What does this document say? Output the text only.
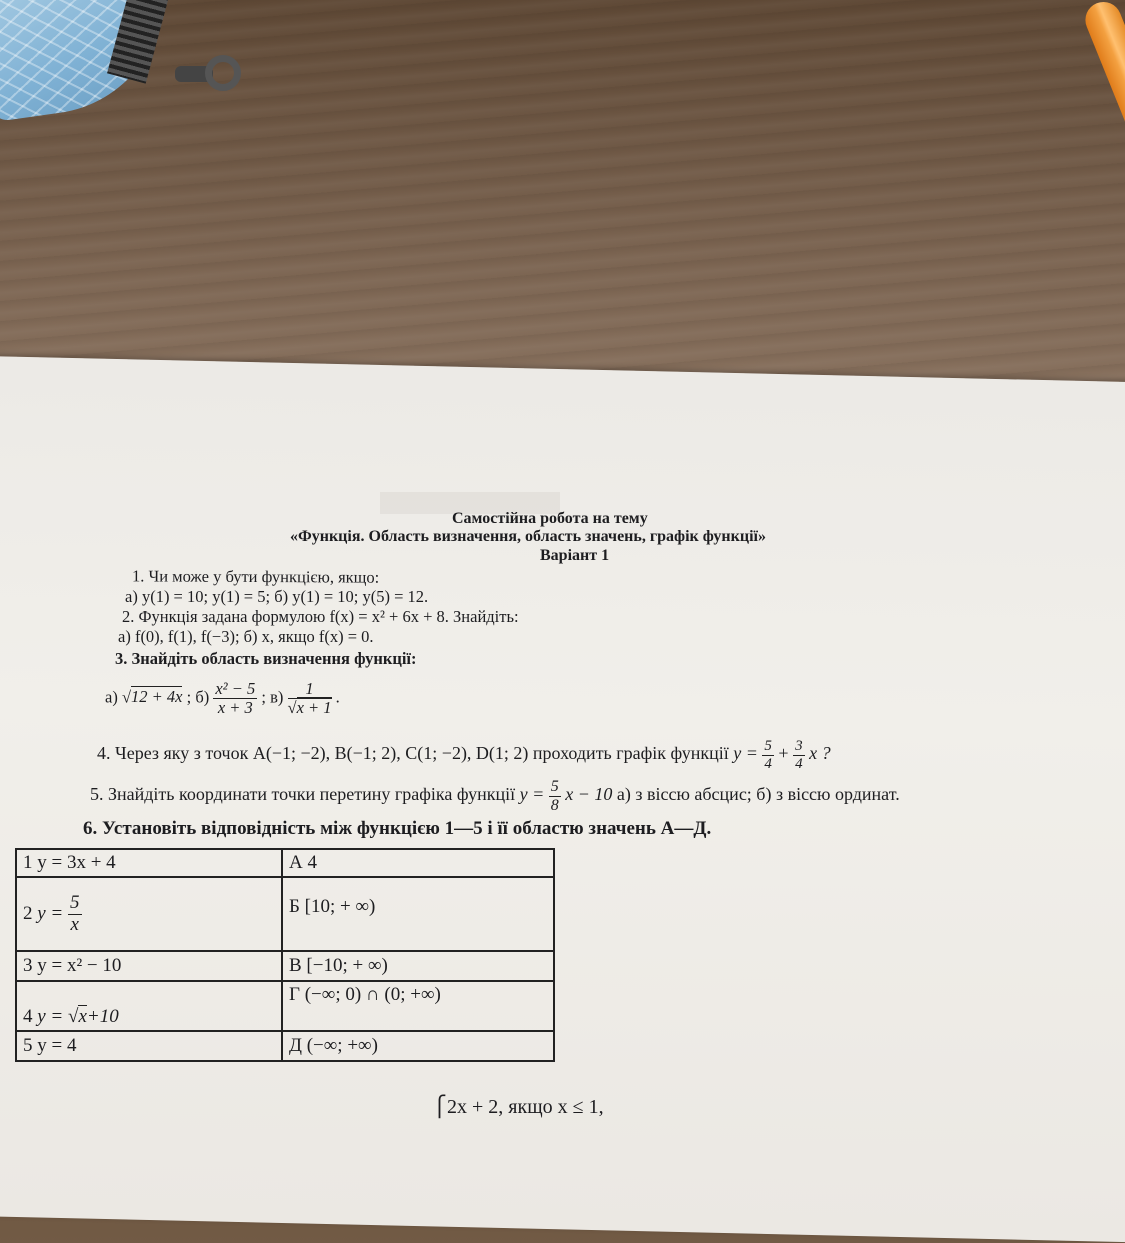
Самостійна робота на тему
«Функція. Область визначення, область значень, графік функції»
Варіант 1
1. Чи може y бути функцією, якщо:
а) y(1) = 10; y(1) = 5; б) y(1) = 10; y(5) = 12.
2. Функція задана формулою f(x) = x² + 6x + 8. Знайдіть:
а) f(0), f(1), f(−3); б) x, якщо f(x) = 0.
3. Знайдіть область визначення функції:
а) √12 + 4x ; $б) \frac{\text{x² − 5}}{x + 3}$ ; $в) \frac{1}{√x + 1}$ .
4. Через яку з точок A(−1; −2), B(−1; 2), C(1; −2), D(1; 2) проходить графік функції $y = \frac{5}{4} + \frac{3}{4}$ x ?
5. Знайдіть координати точки перетину графіка функції $y = \frac{5}{8}$ x − 10 а) з віссю абсцис; б) з віссю ординат.
6. Установіть відповідність між функцією 1—5 і її областю значень А—Д.
1 y = 3x + 4	А 4
2 $y = \frac{5}{x}$	Б [10; + ∞)
3 y = x² − 10	В [−10; + ∞)
4 y = √x+10	Г (−∞; 0) ∩ (0; +∞)
5 y = 4	Д (−∞; +∞)
⎧2x + 2, якщо x ≤ 1,
